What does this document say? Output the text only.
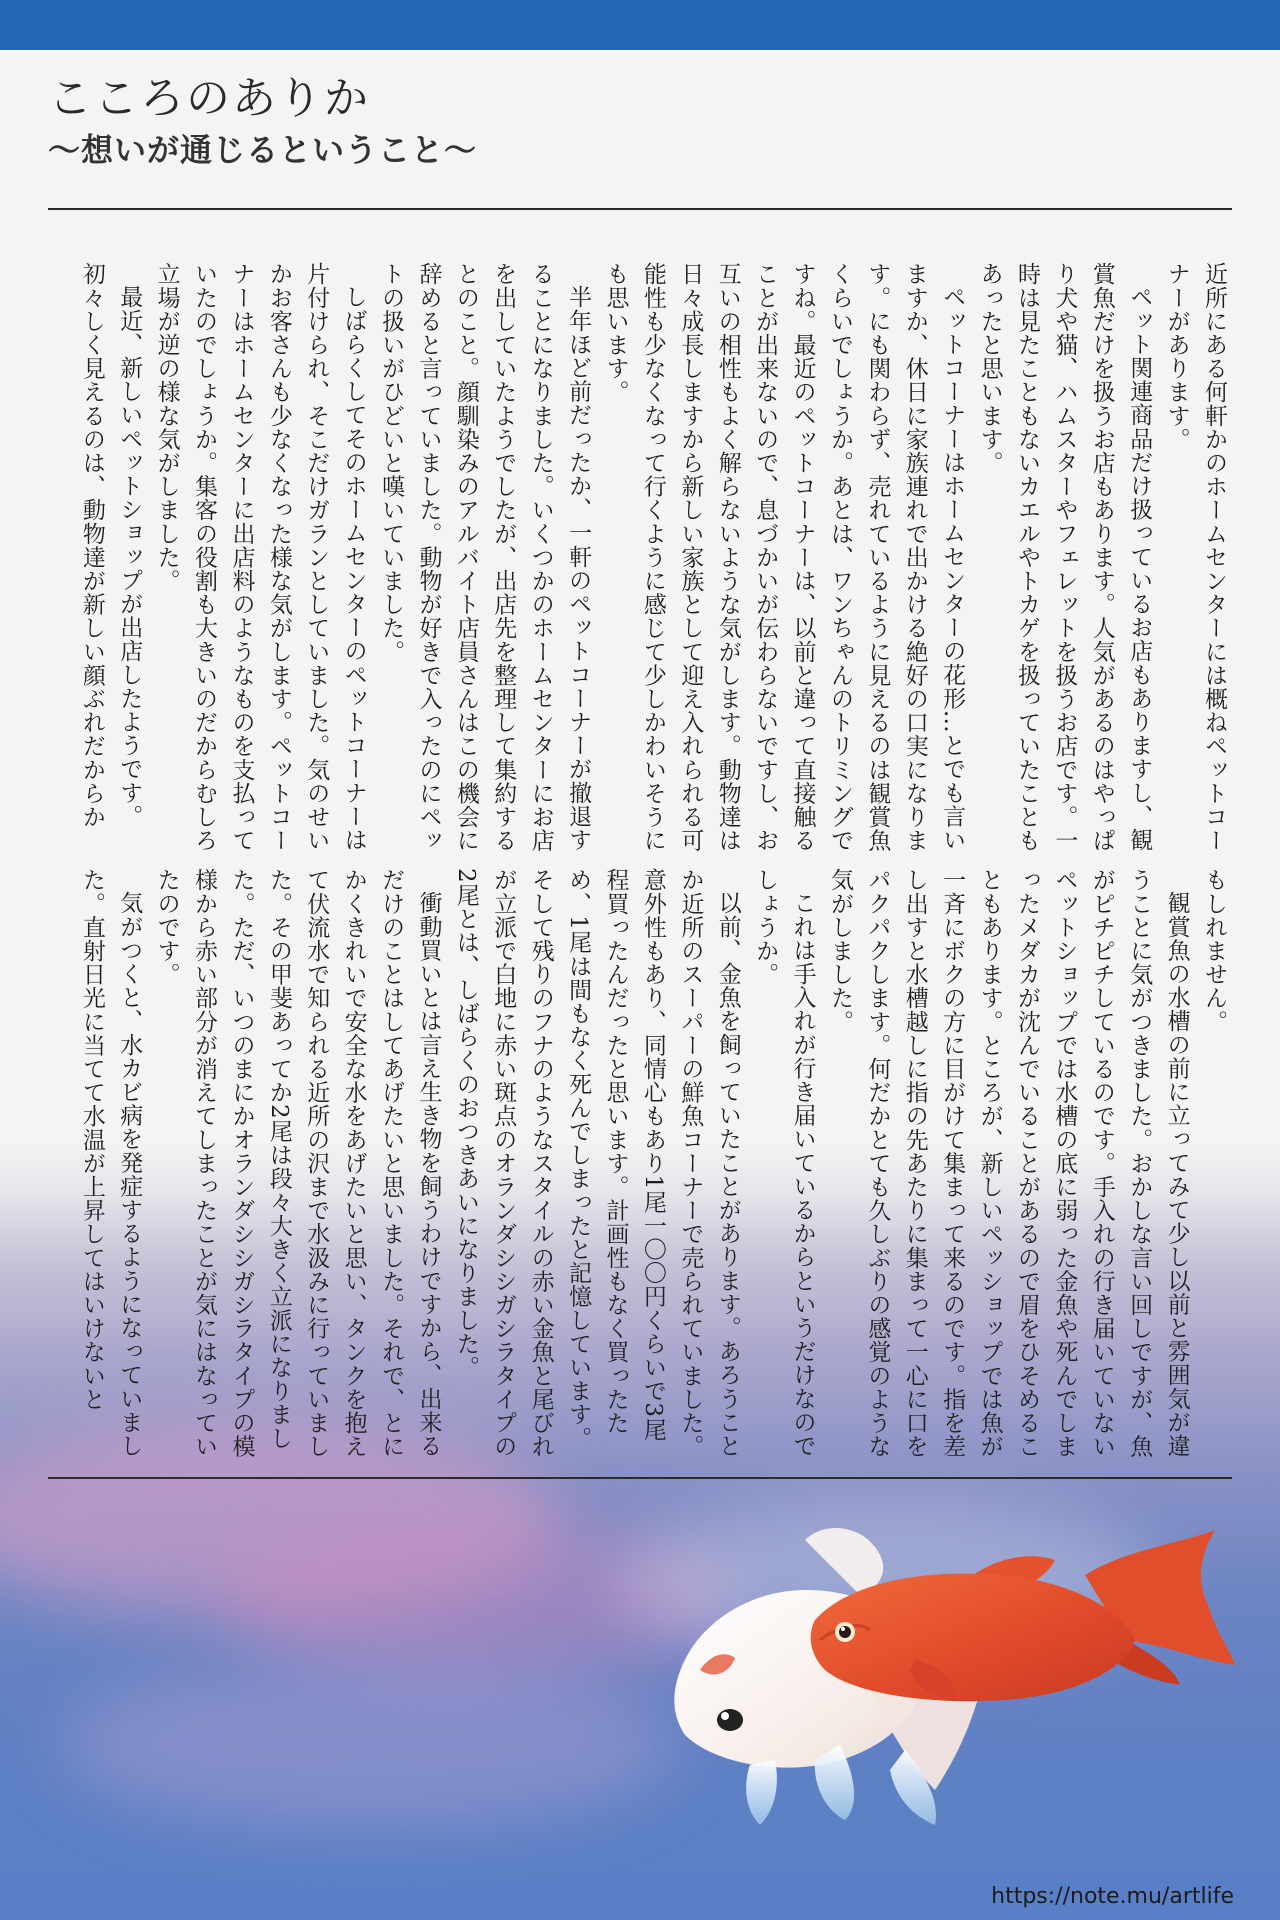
こころのありか
〜想いが通じるということ〜

近所にある何軒かのホームセンターには概ねペットコーナーがあります。

ペット関連商品だけ扱っているお店もありますし、観賞魚だけを扱うお店もあります。人気があるのはやっぱり犬や猫、ハムスターやフェレットを扱うお店です。一時は見たこともないカエルやトカゲを扱っていたこともあったと思います。

ペットコーナーはホームセンターの花形…とでも言いますか、休日に家族連れで出かける絶好の口実になります。にも関わらず、売れているように見えるのは観賞魚くらいでしょうか。あとは、ワンちゃんのトリミングですね。最近のペットコーナーは、以前と違って直接触ることが出来ないので、息づかいが伝わらないですし、お互いの相性もよく解らないような気がします。動物達は日々成長しますから新しい家族として迎え入れられる可能性も少なくなって行くように感じて少しかわいそうにも思います。

半年ほど前だったか、一軒のペットコーナーが撤退することになりました。いくつかのホームセンターにお店を出していたようでしたが、出店先を整理して集約するとのこと。顔馴染みのアルバイト店員さんはこの機会に辞めると言っていました。動物が好きで入ったのにペットの扱いがひどいと嘆いていました。

しばらくしてそのホームセンターのペットコーナーは片付けられ、そこだけガランとしていました。気のせいかお客さんも少なくなった様な気がします。ペットコーナーはホームセンターに出店料のようなものを支払っていたのでしょうか。集客の役割も大きいのだからむしろ立場が逆の様な気がしました。

最近、新しいペットショップが出店したようです。初々しく見えるのは、動物達が新しい顔ぶれだからか

もしれません。

観賞魚の水槽の前に立ってみて少し以前と雰囲気が違うことに気がつきました。おかしな言い回しですが、魚がピチピチしているのです。手入れの行き届いていないペットショップでは水槽の底に弱った金魚や死んでしまったメダカが沈んでいることがあるので眉をひそめることもあります。ところが、新しいペッショップでは魚が一斉にボクの方に目がけて集まって来るのです。指を差し出すと水槽越しに指の先あたりに集まって一心に口をパクパクします。何だかとても久しぶりの感覚のような気がしました。

これは手入れが行き届いているからというだけなのでしょうか。

以前、金魚を飼っていたことがあります。あろうことか近所のスーパーの鮮魚コーナーで売られていました。意外性もあり、同情心もあり1尾一〇〇円くらいで3尾程買ったんだったと思います。計画性もなく買ったため、1尾は間もなく死んでしまったと記憶しています。そして残りのフナのようなスタイルの赤い金魚と尾びれが立派で白地に赤い斑点のオランダシシガシラタイプの2尾とは、しばらくのおつきあいになりました。

衝動買いとは言え生き物を飼うわけですから、出来るだけのことはしてあげたいと思いました。それで、とにかくきれいで安全な水をあげたいと思い、タンクを抱えて伏流水で知られる近所の沢まで水汲みに行っていました。その甲斐あってか2尾は段々大きく立派になりました。ただ、いつのまにかオランダシシガシラタイプの模様から赤い部分が消えてしまったことが気にはなっていたのです。

気がつくと、水カビ病を発症するようになっていました。直射日光に当てて水温が上昇してはいけないと

https://note.mu/artlife
